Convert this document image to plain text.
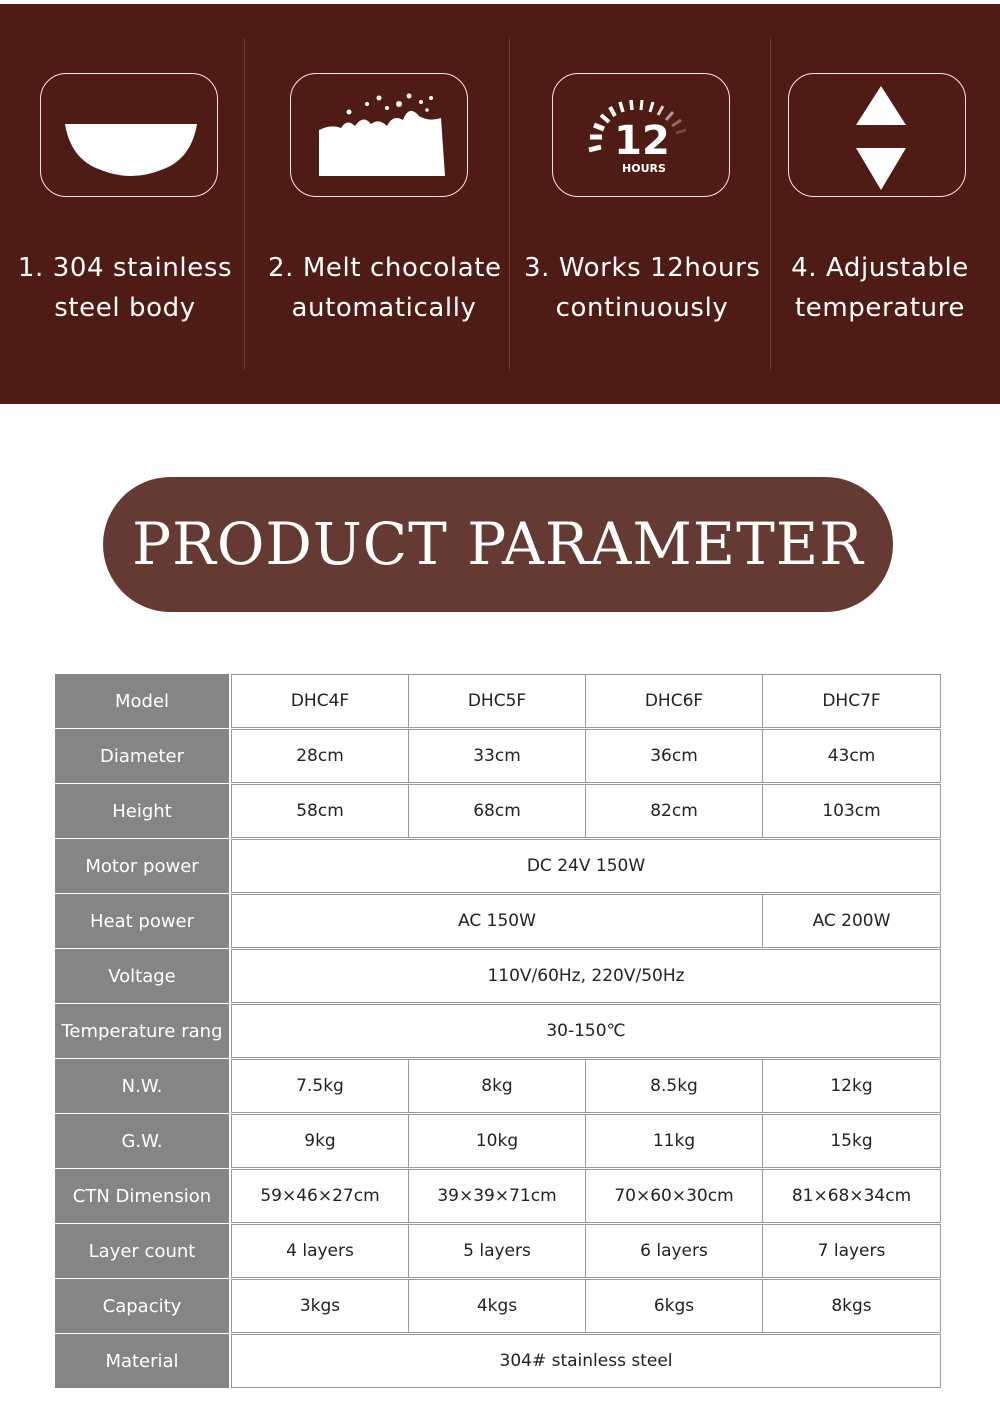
1. 304 stainless
steel body
2. Melt chocolate
automatically
12
HOURS
3. Works 12hours
continuously
4. Adjustable
temperature
PRODUCT PARAMETER
Model	DHC4F	DHC5F	DHC6F	DHC7F
Diameter	28cm	33cm	36cm	43cm
Height	58cm	68cm	82cm	103cm
Motor power	DC 24V 150W
Heat power	AC 150W	AC 200W
Voltage	110V/60Hz, 220V/50Hz
Temperature rang	30-150℃
N.W.	7.5kg	8kg	8.5kg	12kg
G.W.	9kg	10kg	11kg	15kg
CTN Dimension	59×46×27cm	39×39×71cm	70×60×30cm	81×68×34cm
Layer count	4 layers	5 layers	6 layers	7 layers
Capacity	3kgs	4kgs	6kgs	8kgs
Material	304# stainless steel
